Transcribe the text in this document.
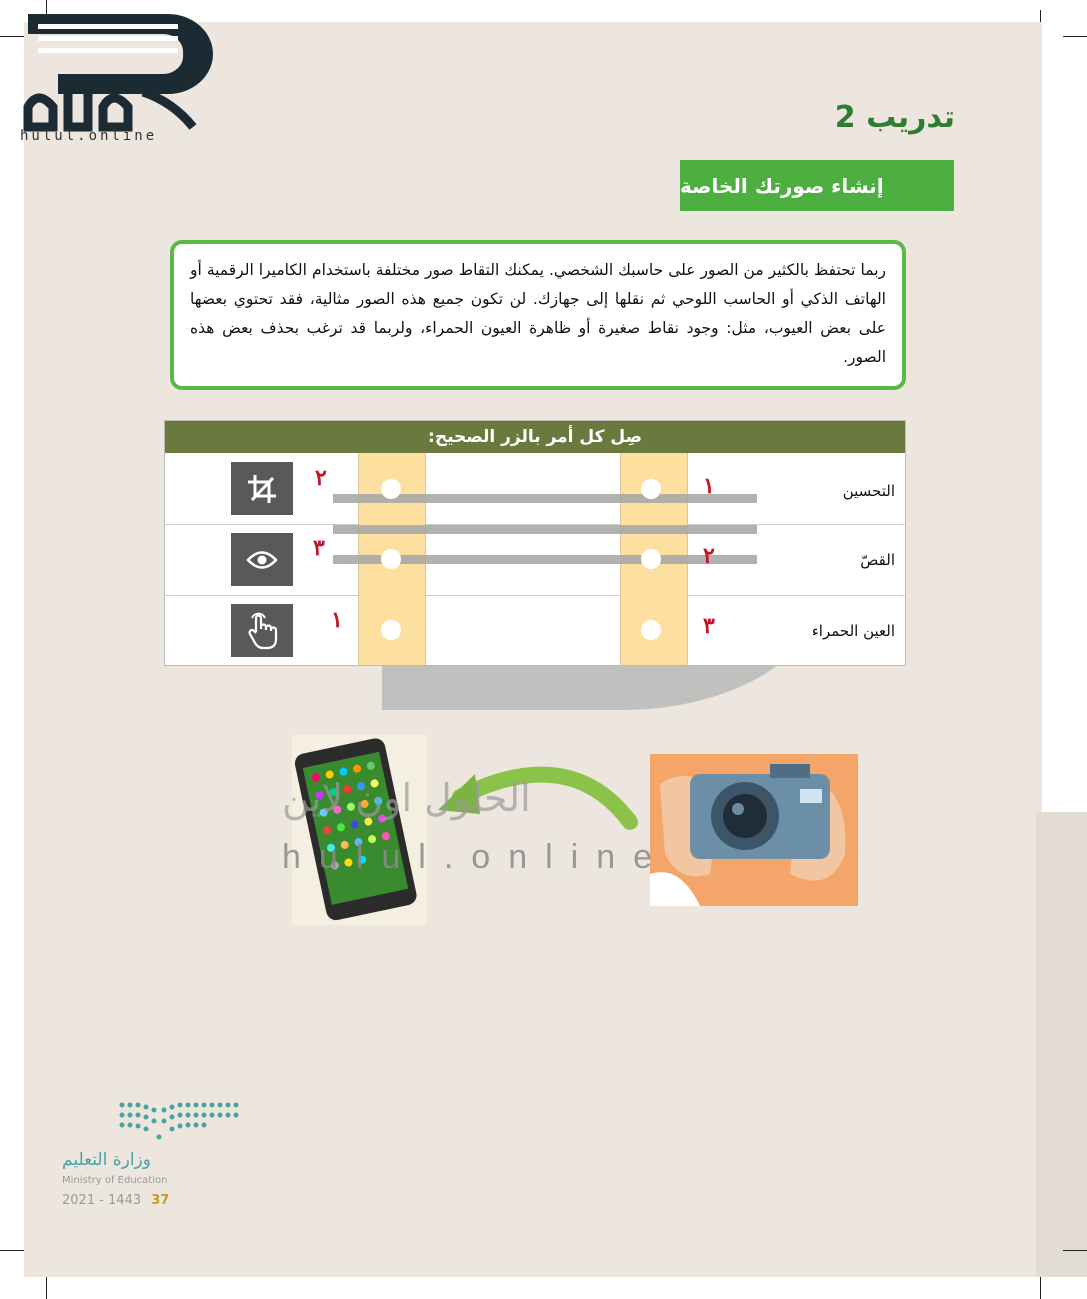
hulul.online
تدريب 2
إنشاء صورتك الخاصة
ربما تحتفظ بالكثير من الصور على حاسبك الشخصي. يمكنك التقاط صور مختلفة باستخدام الكاميرا الرقمية أو الهاتف الذكي أو الحاسب اللوحي ثم نقلها إلى جهازك. لن تكون جميع هذه الصور مثالية، فقد تحتوي بعضها على بعض العيوب، مثل: وجود نقاط صغيرة أو ظاهرة العيون الحمراء، ولربما قد ترغب بحذف بعض هذه الصور.
صِل كل أمر بالزر الصحيح:
التحسين
١
٢
القصّ
٢
٣
العين الحمراء
٣
١
الحلول اون لاين
hulul.online
وزارة التعليم
Ministry of Education
2021 - 1443 37
